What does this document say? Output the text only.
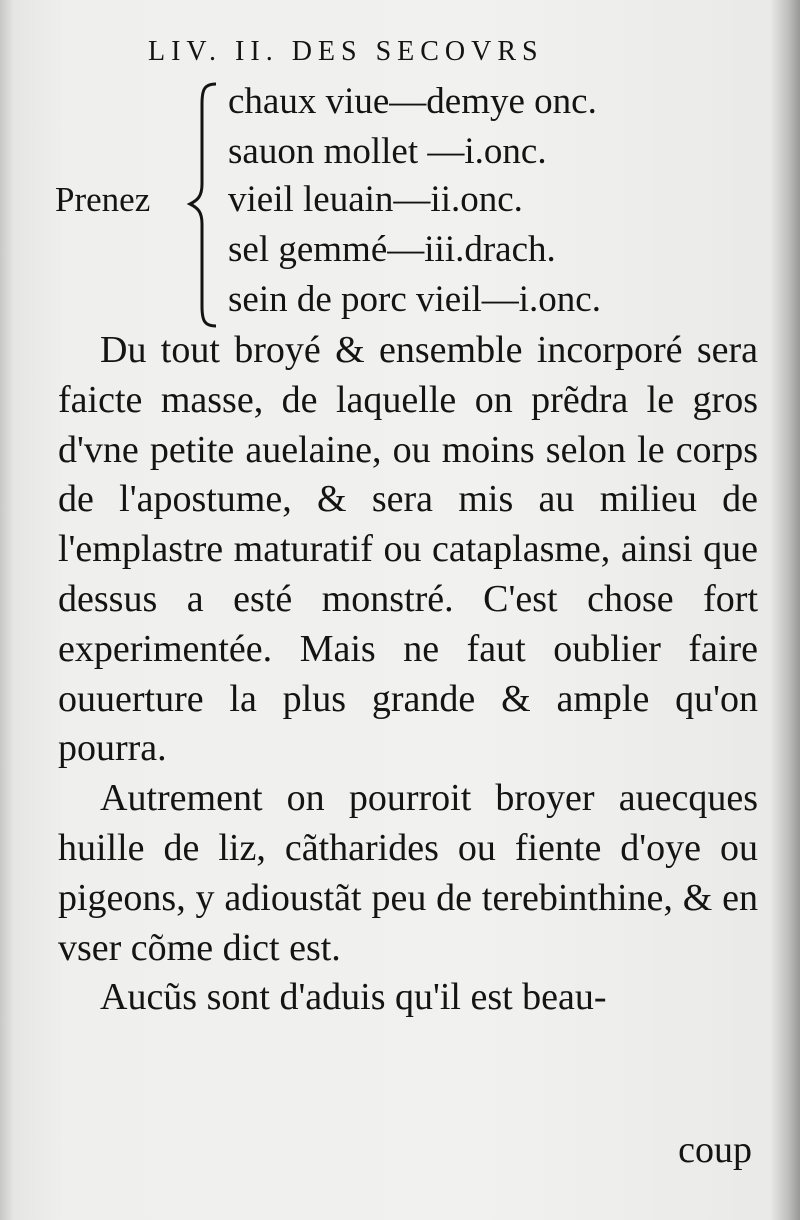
LIV. II. DES SECOVRS
Prenez
chaux viue—demye onc.
sauon mollet —i.onc.
vieil leuain—ii.onc.
sel gemmé—iii.drach.
sein de porc vieil—i.onc.

Du tout broyé & ensemble incorporé sera faicte masse, de laquelle on prẽdra le gros d'vne petite auelaine, ou moins selon le corps de l'apostume, & sera mis au milieu de l'emplastre maturatif ou cataplasme, ainsi que dessus a esté monstré. C'est chose fort experimentée. Mais ne faut oublier faire ouuerture la plus grande & ample qu'on pourra.

Autrement on pourroit broyer auecques huille de liz, cãtharides ou fiente d'oye ou pigeons, y adioustãt peu de terebinthine, & en vser cõme dict est.

Aucũs sont d'aduis qu'il est beau-

coup
